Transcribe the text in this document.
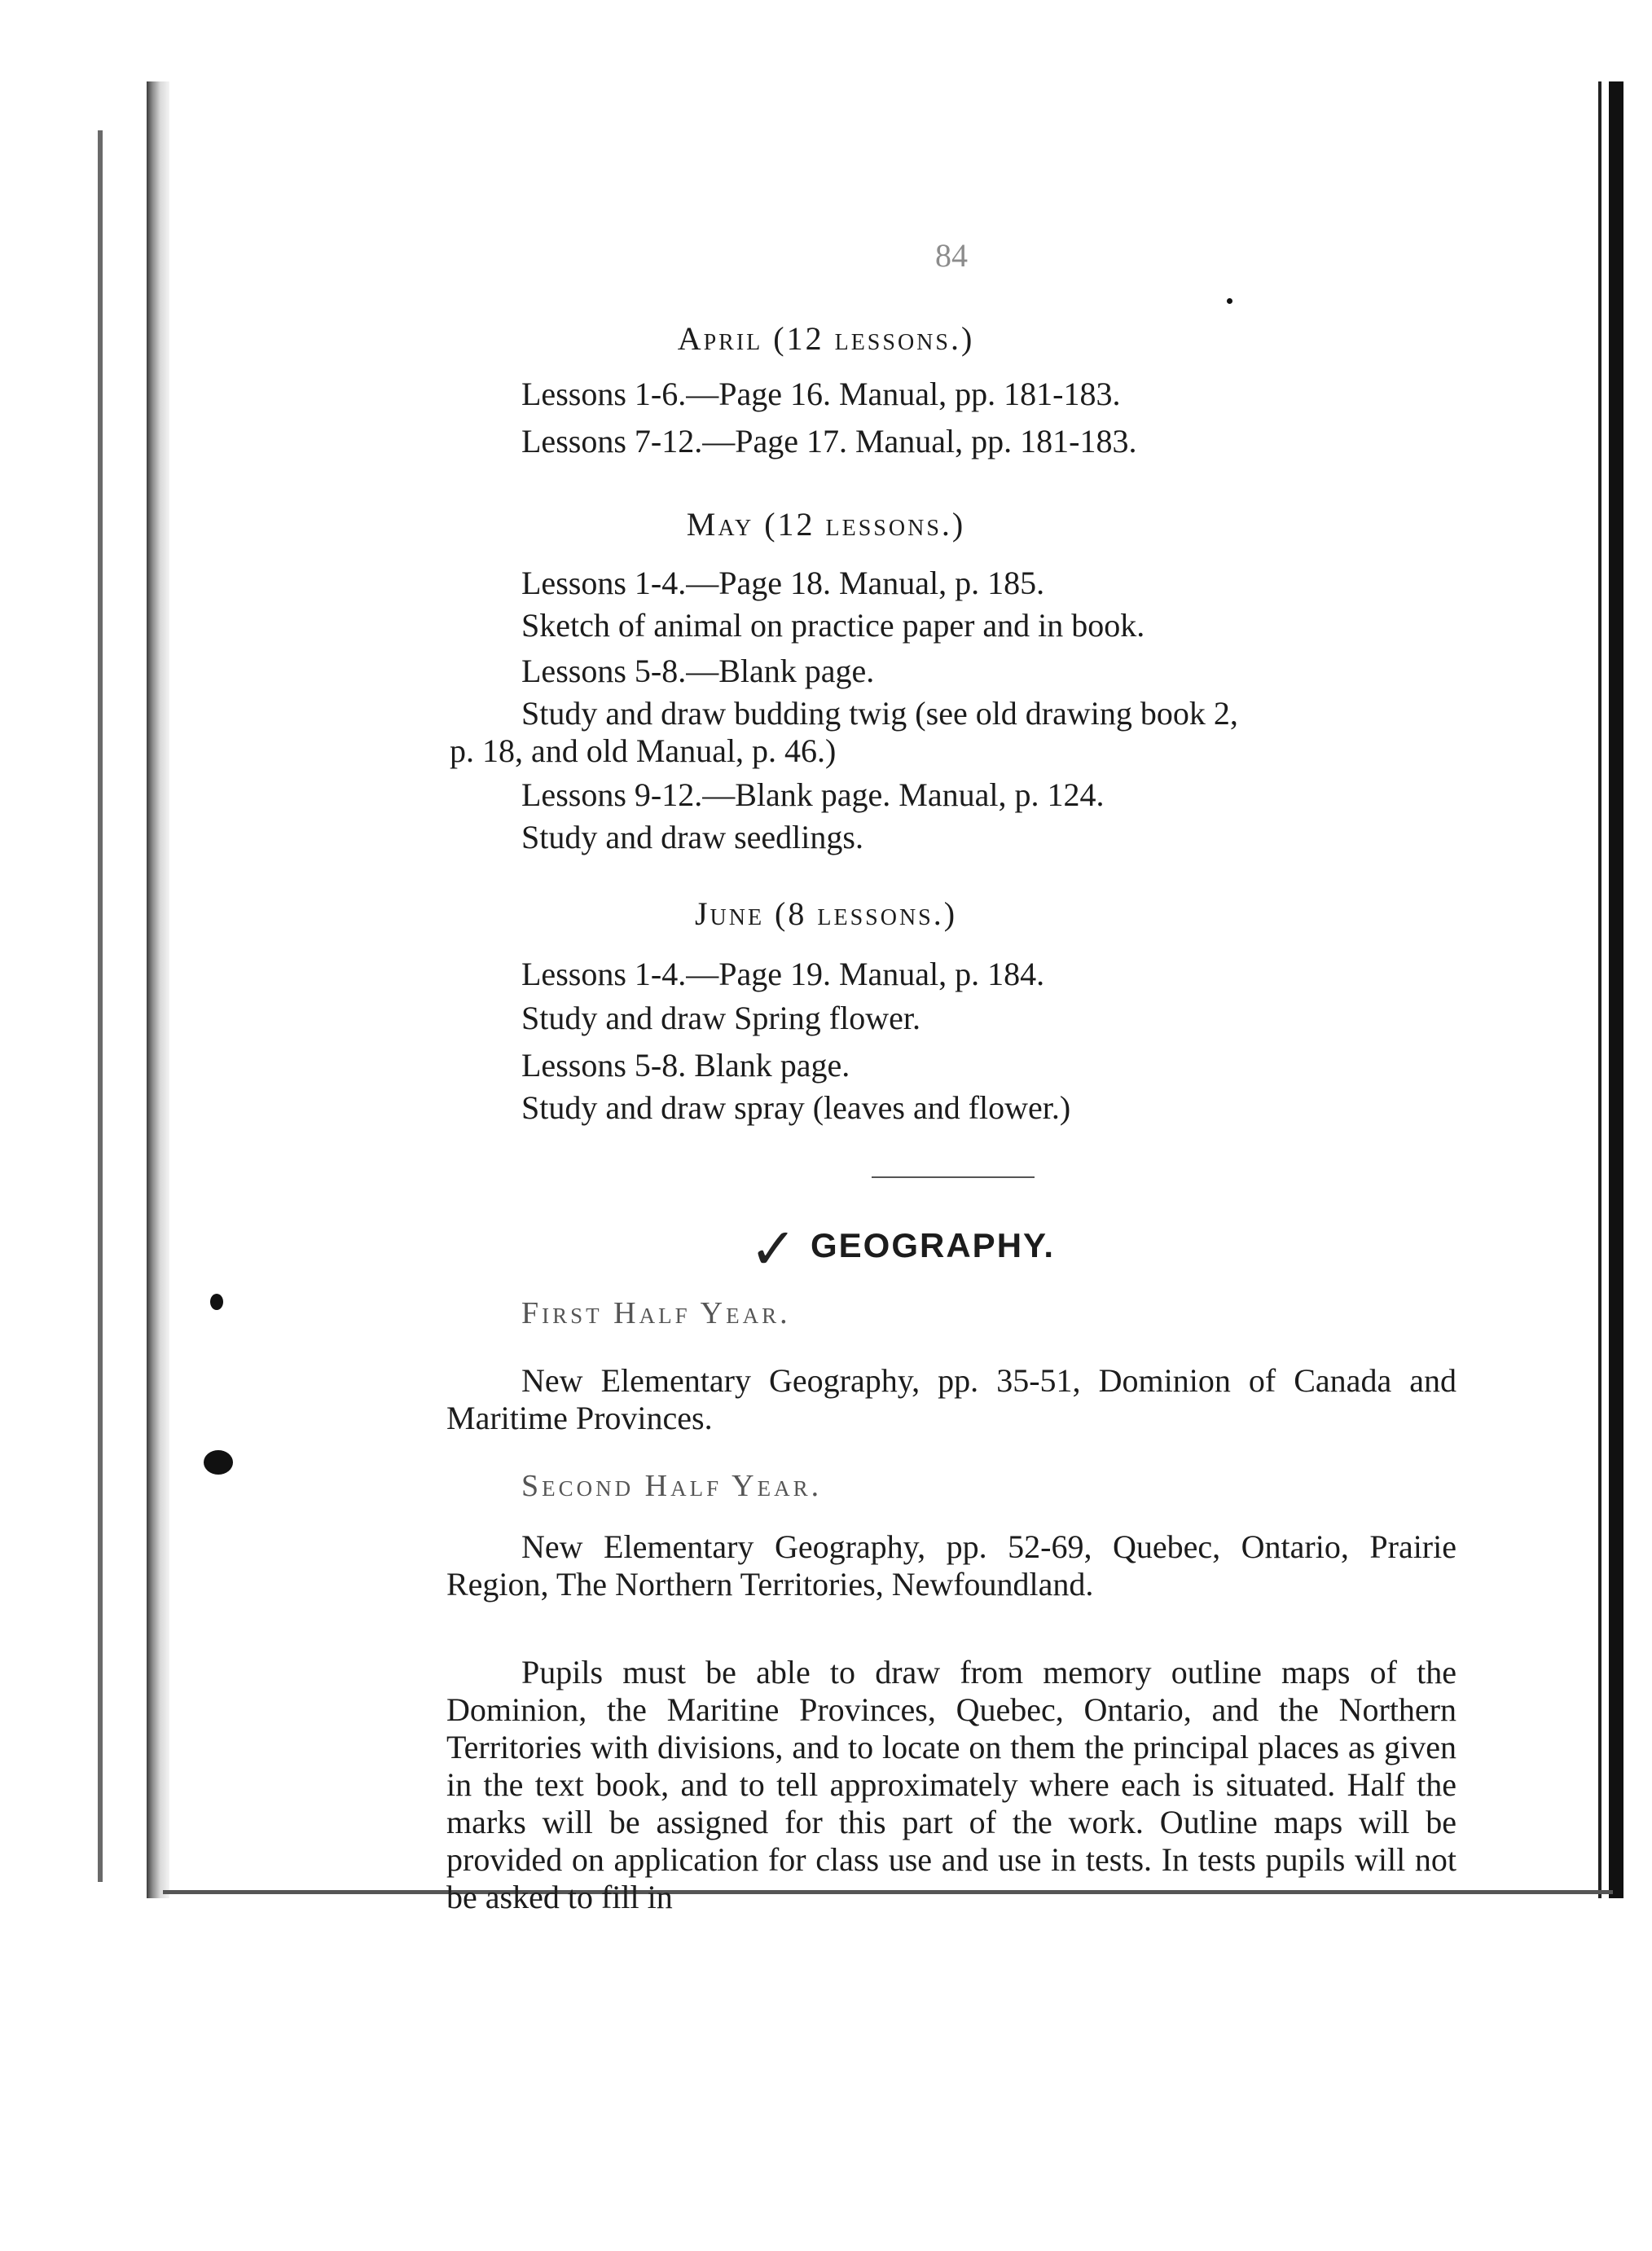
84
April (12 lessons.)
Lessons 1-6.—Page 16. Manual, pp. 181-183.
Lessons 7-12.—Page 17. Manual, pp. 181-183.
May (12 lessons.)
Lessons 1-4.—Page 18. Manual, p. 185.
Sketch of animal on practice paper and in book.
Lessons 5-8.—Blank page.
Study and draw budding twig (see old drawing book 2,
p. 18, and old Manual, p. 46.)
Lessons 9-12.—Blank page. Manual, p. 124.
Study and draw seedlings.
June (8 lessons.)
Lessons 1-4.—Page 19. Manual, p. 184.
Study and draw Spring flower.
Lessons 5-8. Blank page.
Study and draw spray (leaves and flower.)
✓ GEOGRAPHY.
First Half Year.
New Elementary Geography, pp. 35-51, Dominion of Canada and Maritime Provinces.
Second Half Year.
New Elementary Geography, pp. 52-69, Quebec, Ontario, Prairie Region, The Northern Territories, Newfoundland.
Pupils must be able to draw from memory outline maps of the Dominion, the Maritine Provinces, Quebec, Ontario, and the Northern Territories with divisions, and to locate on them the principal places as given in the text book, and to tell approximately where each is situated. Half the marks will be assigned for this part of the work. Outline maps will be provided on application for class use and use in tests. In tests pupils will not be asked to fill in
